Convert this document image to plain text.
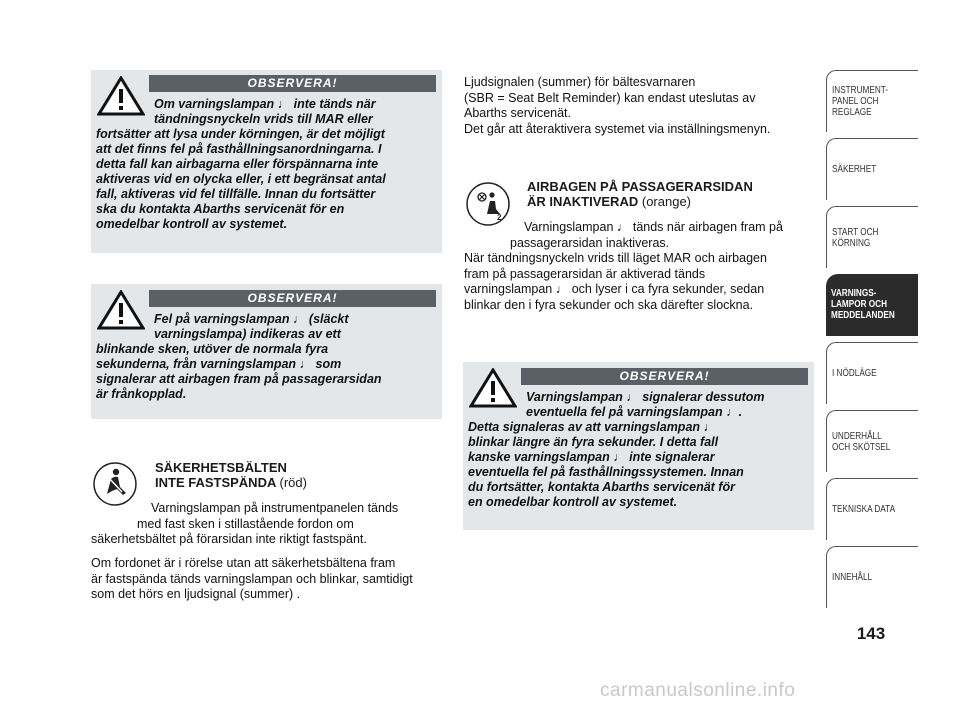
OBSERVERA!
Om varningslampan ♩ inte tänds när
tändningsnyckeln vrids till MAR eller
fortsätter att lysa under körningen, är det möjligt
att det finns fel på fasthållningsanordningarna. I
detta fall kan airbagarna eller förspännarna inte
aktiveras vid en olycka eller, i ett begränsat antal
fall, aktiveras vid fel tillfälle. Innan du fortsätter
ska du kontakta Abarths servicenät för en
omedelbar kontroll av systemet.
OBSERVERA!
Fel på varningslampan ♩ (släckt
varningslampa) indikeras av ett
blinkande sken, utöver de normala fyra
sekunderna, från varningslampan ♩ som
signalerar att airbagen fram på passagerarsidan
är frånkopplad.
SÄKERHETSBÄLTEN
INTE FASTSPÄNDA (röd)
Varningslampan på instrumentpanelen tänds
med fast sken i stillastående fordon om
säkerhetsbältet på förarsidan inte riktigt fastspänt.
Om fordonet är i rörelse utan att säkerhetsbältena fram
är fastspända tänds varningslampan och blinkar, samtidigt
som det hörs en ljudsignal (summer) .
Ljudsignalen (summer) för bältesvarnaren
(SBR = Seat Belt Reminder) kan endast uteslutas av
Abarths servicenät.
Det går att återaktivera systemet via inställningsmenyn.
2
AIRBAGEN PÅ PASSAGERARSIDAN
ÄR INAKTIVERAD (orange)
Varningslampan ♩ tänds när airbagen fram på
passagerarsidan inaktiveras.
När tändningsnyckeln vrids till läget MAR och airbagen
fram på passagerarsidan är aktiverad tänds
varningslampan ♩ och lyser i ca fyra sekunder, sedan
blinkar den i fyra sekunder och ska därefter slockna.
OBSERVERA!
Varningslampan ♩ signalerar dessutom
eventuella fel på varningslampan ♩.
Detta signaleras av att varningslampan ♩
blinkar längre än fyra sekunder. I detta fall
kanske varningslampan ♩ inte signalerar
eventuella fel på fasthållningssystemen. Innan
du fortsätter, kontakta Abarths servicenät för
en omedelbar kontroll av systemet.
INSTRUMENT-
PANEL OCH
REGLAGE
SÄKERHET
START OCH
KÖRNING
VARNINGS-
LAMPOR OCH
MEDDELANDEN
I NÖDLÄGE
UNDERHÅLL
OCH SKÖTSEL
TEKNISKA DATA
INNEHÅLL
143
carmanualsonline.info
